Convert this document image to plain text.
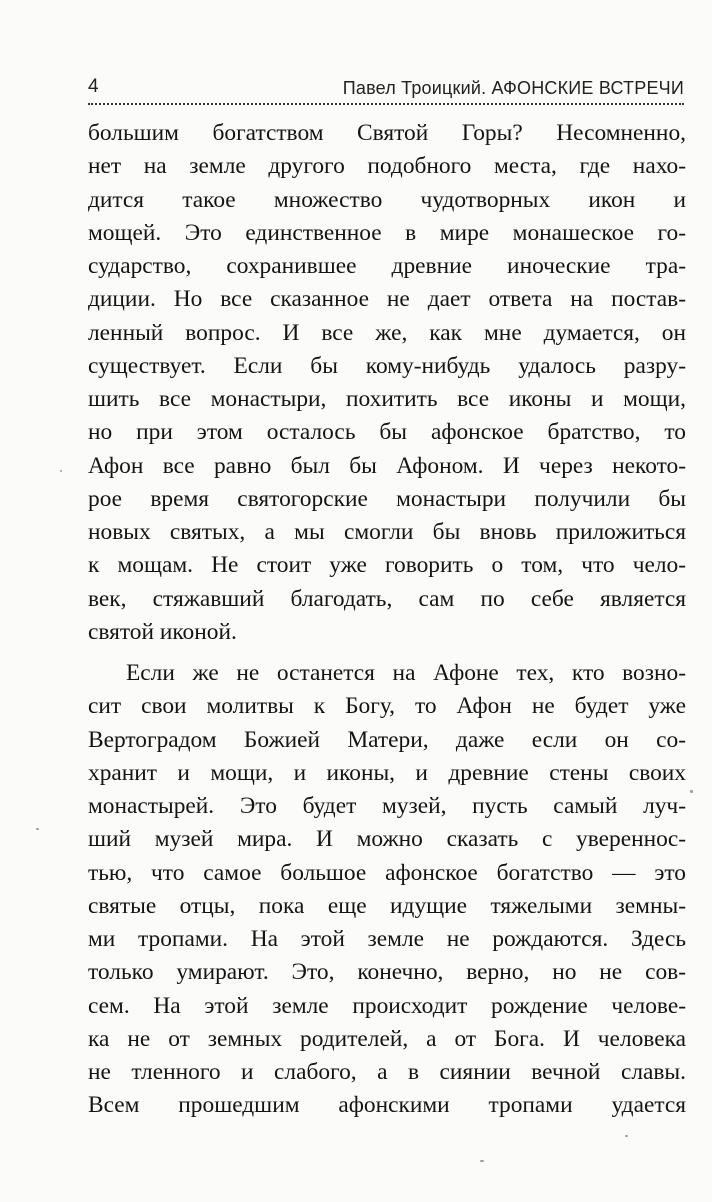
4	Павел Троицкий. АФОНСКИЕ ВСТРЕЧИ

большим богатством Святой Горы? Несомненно,
нет на земле другого подобного места, где нахо-
дится такое множество чудотворных икон и
мощей. Это единственное в мире монашеское го-
сударство, сохранившее древние иноческие тра-
диции. Но все сказанное не дает ответа на постав-
ленный вопрос. И все же, как мне думается, он
существует. Если бы кому-нибудь удалось разру-
шить все монастыри, похитить все иконы и мощи,
но при этом осталось бы афонское братство, то
Афон все равно был бы Афоном. И через некото-
рое время святогорские монастыри получили бы
новых святых, а мы смогли бы вновь приложиться
к мощам. Не стоит уже говорить о том, что чело-
век, стяжавший благодать, сам по себе является
святой иконой.

Если же не останется на Афоне тех, кто возно-
сит свои молитвы к Богу, то Афон не будет уже
Вертоградом Божией Матери, даже если он со-
хранит и мощи, и иконы, и древние стены своих
монастырей. Это будет музей, пусть самый луч-
ший музей мира. И можно сказать с уверенноc-
тью, что самое большое афонское богатство — это
святые отцы, пока еще идущие тяжелыми земны-
ми тропами. На этой земле не рождаются. Здесь
только умирают. Это, конечно, верно, но не сов-
сем. На этой земле происходит рождение челове-
ка не от земных родителей, а от Бога. И человека
не тленного и слабого, а в сиянии вечной славы.
Всем прошедшим афонскими тропами удается
